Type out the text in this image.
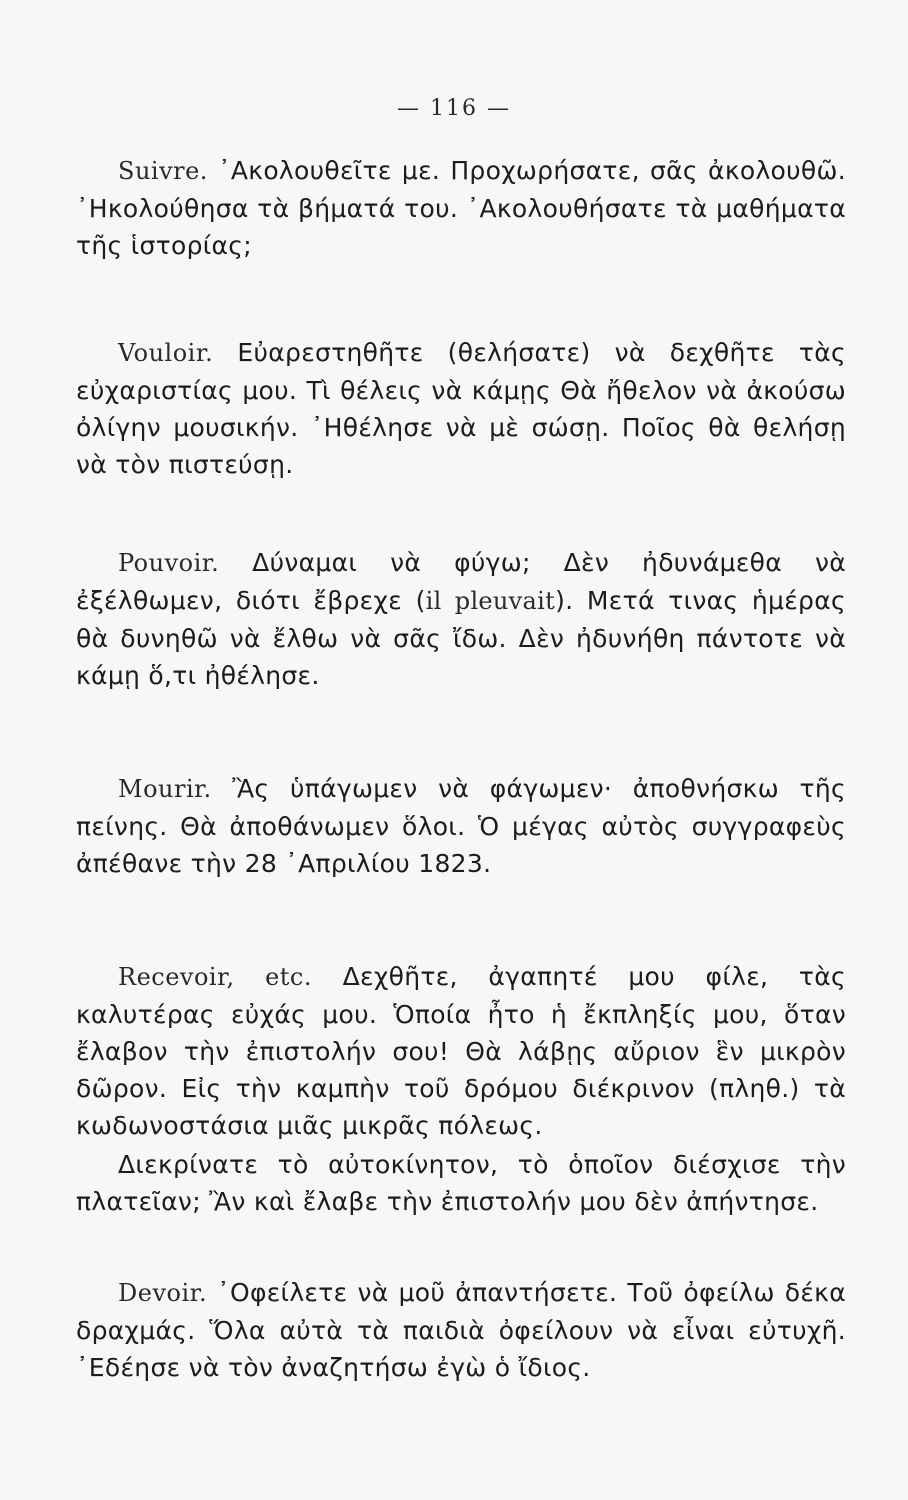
— 116 —

Suivre. ᾿Ακολουθεῖτε με. Προχωρήσατε, σᾶς ἀκολουθῶ. ᾿Ηκολούθησα τὰ βήματά του. ᾿Ακολουθήσατε τὰ μαθήματα τῆς ἱστορίας;

Vouloir. Εὐαρεστηθῆτε (θελήσατε) νὰ δεχθῆτε τὰς εὐχαριστίας μου. Τὶ θέλεις νὰ κάμῃς Θὰ ἤθελον νὰ ἀκούσω ὀλίγην μουσικήν. ᾿Ηθέλησε νὰ μὲ σώσῃ. Ποῖος θὰ θελήσῃ νὰ τὸν πιστεύσῃ.

Pouvoir. Δύναμαι νὰ φύγω; Δὲν ἠδυνάμεθα νὰ ἐξέλθωμεν, διότι ἔβρεχε (il pleuvait). Μετά τινας ἡμέρας θὰ δυνηθῶ νὰ ἔλθω νὰ σᾶς ἴδω. Δὲν ἠδυνήθη πάντοτε νὰ κάμῃ ὅ,τι ἠθέλησε.

Mourir. Ἂς ὑπάγωμεν νὰ φάγωμεν· ἀποθνήσκω τῆς πείνης. Θὰ ἀποθάνωμεν ὅλοι. Ὁ μέγας αὐτὸς συγγραφεὺς ἀπέθανε τὴν 28 ᾿Απριλίου 1823.

Recevoir, etc. Δεχθῆτε, ἀγαπητέ μου φίλε, τὰς καλυτέρας εὐχάς μου. Ὁποία ἦτο ἡ ἔκπληξίς μου, ὅταν ἔλαβον τὴν ἐπιστολήν σου! Θὰ λάβῃς αὔριον ἓν μικρὸν δῶρον. Εἰς τὴν καμπὴν τοῦ δρόμου διέκρινον (πληθ.) τὰ κωδωνοστάσια μιᾶς μικρᾶς πόλεως.

Διεκρίνατε τὸ αὐτοκίνητον, τὸ ὁποῖον διέσχισε τὴν πλατεῖαν; Ἂν καὶ ἔλαβε τὴν ἐπιστολήν μου δὲν ἀπήντησε.

Devoir. ᾿Οφείλετε νὰ μοῦ ἀπαντήσετε. Τοῦ ὀφείλω δέκα δραχμάς. Ὅλα αὐτὰ τὰ παιδιὰ ὀφείλουν νὰ εἶναι εὐτυχῆ. ᾿Εδέησε νὰ τὸν ἀναζητήσω ἐγὼ ὁ ἴδιος.
